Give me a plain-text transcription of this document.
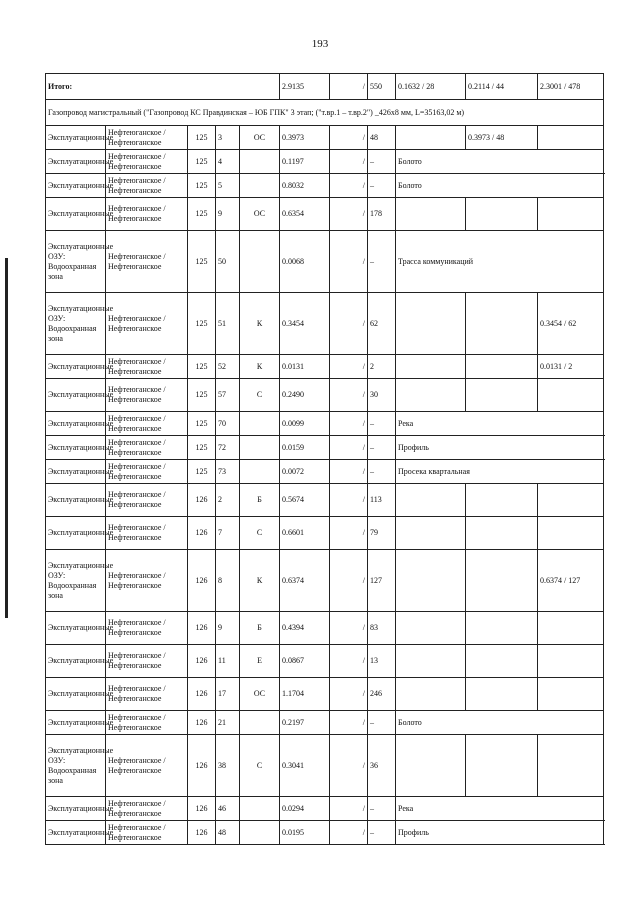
193
Итого:					2.9135	/	550	0.1632 / 28	0.2114 / 44	2.3001 / 478	
Газопровод магистральный ("Газопровод КС Правдинская – ЮБ ГПК" 3 этап; ("т.вр.1 – т.вр.2") _426х8 мм, L=35163,02 м)											
Эксплуатационные	Нефтеюганское / Нефтеюганское	125	3	ОС	0.3973	/	48		0.3973 / 48		
Эксплуатационные	Нефтеюганское / Нефтеюганское	125	4		0.1197	/	–	Болото			
Эксплуатационные	Нефтеюганское / Нефтеюганское	125	5		0.8032	/	–	Болото			
Эксплуатационные	Нефтеюганское / Нефтеюганское	125	9	ОС	0.6354	/	178				
Эксплуатационные ОЗУ: Водоохранная зона	Нефтеюганское / Нефтеюганское	125	50		0.0068	/	–	Трасса коммуникаций			
Эксплуатационные ОЗУ: Водоохранная зона	Нефтеюганское / Нефтеюганское	125	51	К	0.3454	/	62			0.3454 / 62	
Эксплуатационные	Нефтеюганское / Нефтеюганское	125	52	К	0.0131	/	2			0.0131 / 2	
Эксплуатационные	Нефтеюганское / Нефтеюганское	125	57	С	0.2490	/	30				
Эксплуатационные	Нефтеюганское / Нефтеюганское	125	70		0.0099	/	–	Река			
Эксплуатационные	Нефтеюганское / Нефтеюганское	125	72		0.0159	/	–	Профиль			
Эксплуатационные	Нефтеюганское / Нефтеюганское	125	73		0.0072	/	–	Просека квартальная			
Эксплуатационные	Нефтеюганское / Нефтеюганское	126	2	Б	0.5674	/	113				
Эксплуатационные	Нефтеюганское / Нефтеюганское	126	7	С	0.6601	/	79				
Эксплуатационные ОЗУ: Водоохранная зона	Нефтеюганское / Нефтеюганское	126	8	К	0.6374	/	127			0.6374 / 127	
Эксплуатационные	Нефтеюганское / Нефтеюганское	126	9	Б	0.4394	/	83				
Эксплуатационные	Нефтеюганское / Нефтеюганское	126	11	Е	0.0867	/	13				
Эксплуатационные	Нефтеюганское / Нефтеюганское	126	17	ОС	1.1704	/	246				
Эксплуатационные	Нефтеюганское / Нефтеюганское	126	21		0.2197	/	–	Болото			
Эксплуатационные ОЗУ: Водоохранная зона	Нефтеюганское / Нефтеюганское	126	38	С	0.3041	/	36				
Эксплуатационные	Нефтеюганское / Нефтеюганское	126	46		0.0294	/	–	Река			
Эксплуатационные	Нефтеюганское / Нефтеюганское	126	48		0.0195	/	–	Профиль			
